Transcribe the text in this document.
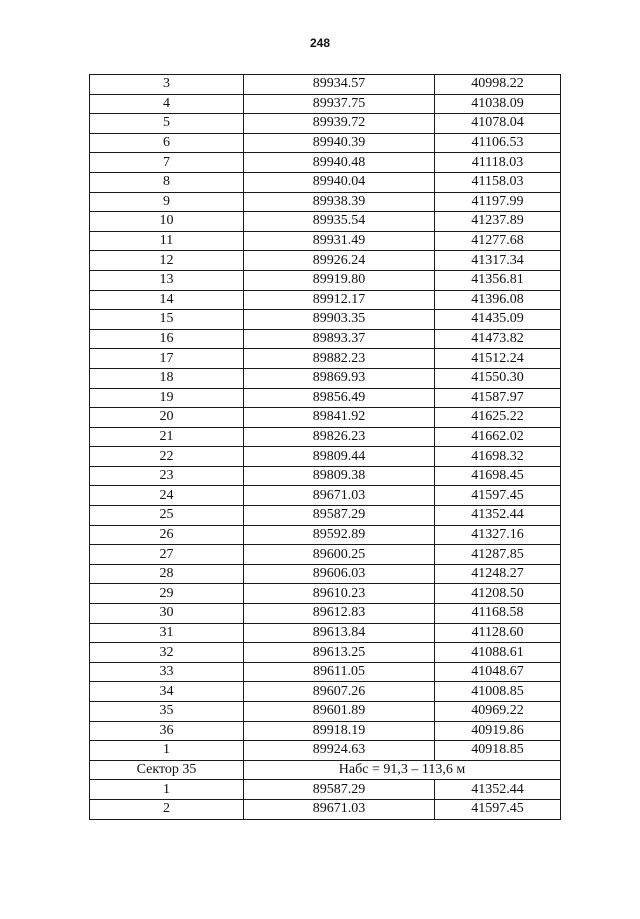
248
3	89934.57	40998.22
4	89937.75	41038.09
5	89939.72	41078.04
6	89940.39	41106.53
7	89940.48	41118.03
8	89940.04	41158.03
9	89938.39	41197.99
10	89935.54	41237.89
11	89931.49	41277.68
12	89926.24	41317.34
13	89919.80	41356.81
14	89912.17	41396.08
15	89903.35	41435.09
16	89893.37	41473.82
17	89882.23	41512.24
18	89869.93	41550.30
19	89856.49	41587.97
20	89841.92	41625.22
21	89826.23	41662.02
22	89809.44	41698.32
23	89809.38	41698.45
24	89671.03	41597.45
25	89587.29	41352.44
26	89592.89	41327.16
27	89600.25	41287.85
28	89606.03	41248.27
29	89610.23	41208.50
30	89612.83	41168.58
31	89613.84	41128.60
32	89613.25	41088.61
33	89611.05	41048.67
34	89607.26	41008.85
35	89601.89	40969.22
36	89918.19	40919.86
1	89924.63	40918.85
Сектор 35	Набс = 91,3 – 113,6 м	
1	89587.29	41352.44
2	89671.03	41597.45
